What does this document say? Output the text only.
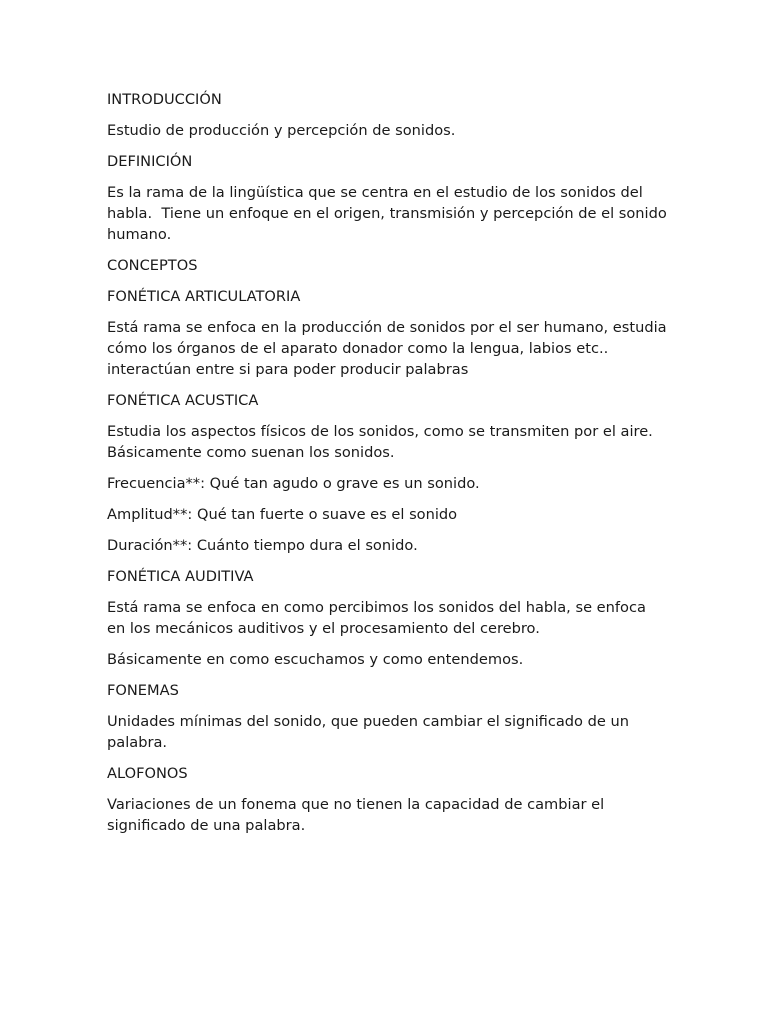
INTRODUCCIÓN

Estudio de producción y percepción de sonidos.

DEFINICIÓN

Es la rama de la lingüística que se centra en el estudio de los sonidos del habla.  Tiene un enfoque en el origen, transmisión y percepción de el sonido humano.

CONCEPTOS

FONÉTICA ARTICULATORIA

Está rama se enfoca en la producción de sonidos por el ser humano, estudia cómo los órganos de el aparato donador como la lengua, labios etc.. interactúan entre si para poder producir palabras

FONÉTICA ACUSTICA

Estudia los aspectos físicos de los sonidos, como se transmiten por el aire. Básicamente como suenan los sonidos.

Frecuencia**: Qué tan agudo o grave es un sonido.

Amplitud**: Qué tan fuerte o suave es el sonido

Duración**: Cuánto tiempo dura el sonido.

FONÉTICA AUDITIVA

Está rama se enfoca en como percibimos los sonidos del habla, se enfoca en los mecánicos auditivos y el procesamiento del cerebro.

Básicamente en como escuchamos y como entendemos.

FONEMAS

Unidades mínimas del sonido, que pueden cambiar el significado de un palabra.

ALOFONOS

Variaciones de un fonema que no tienen la capacidad de cambiar el significado de una palabra.
